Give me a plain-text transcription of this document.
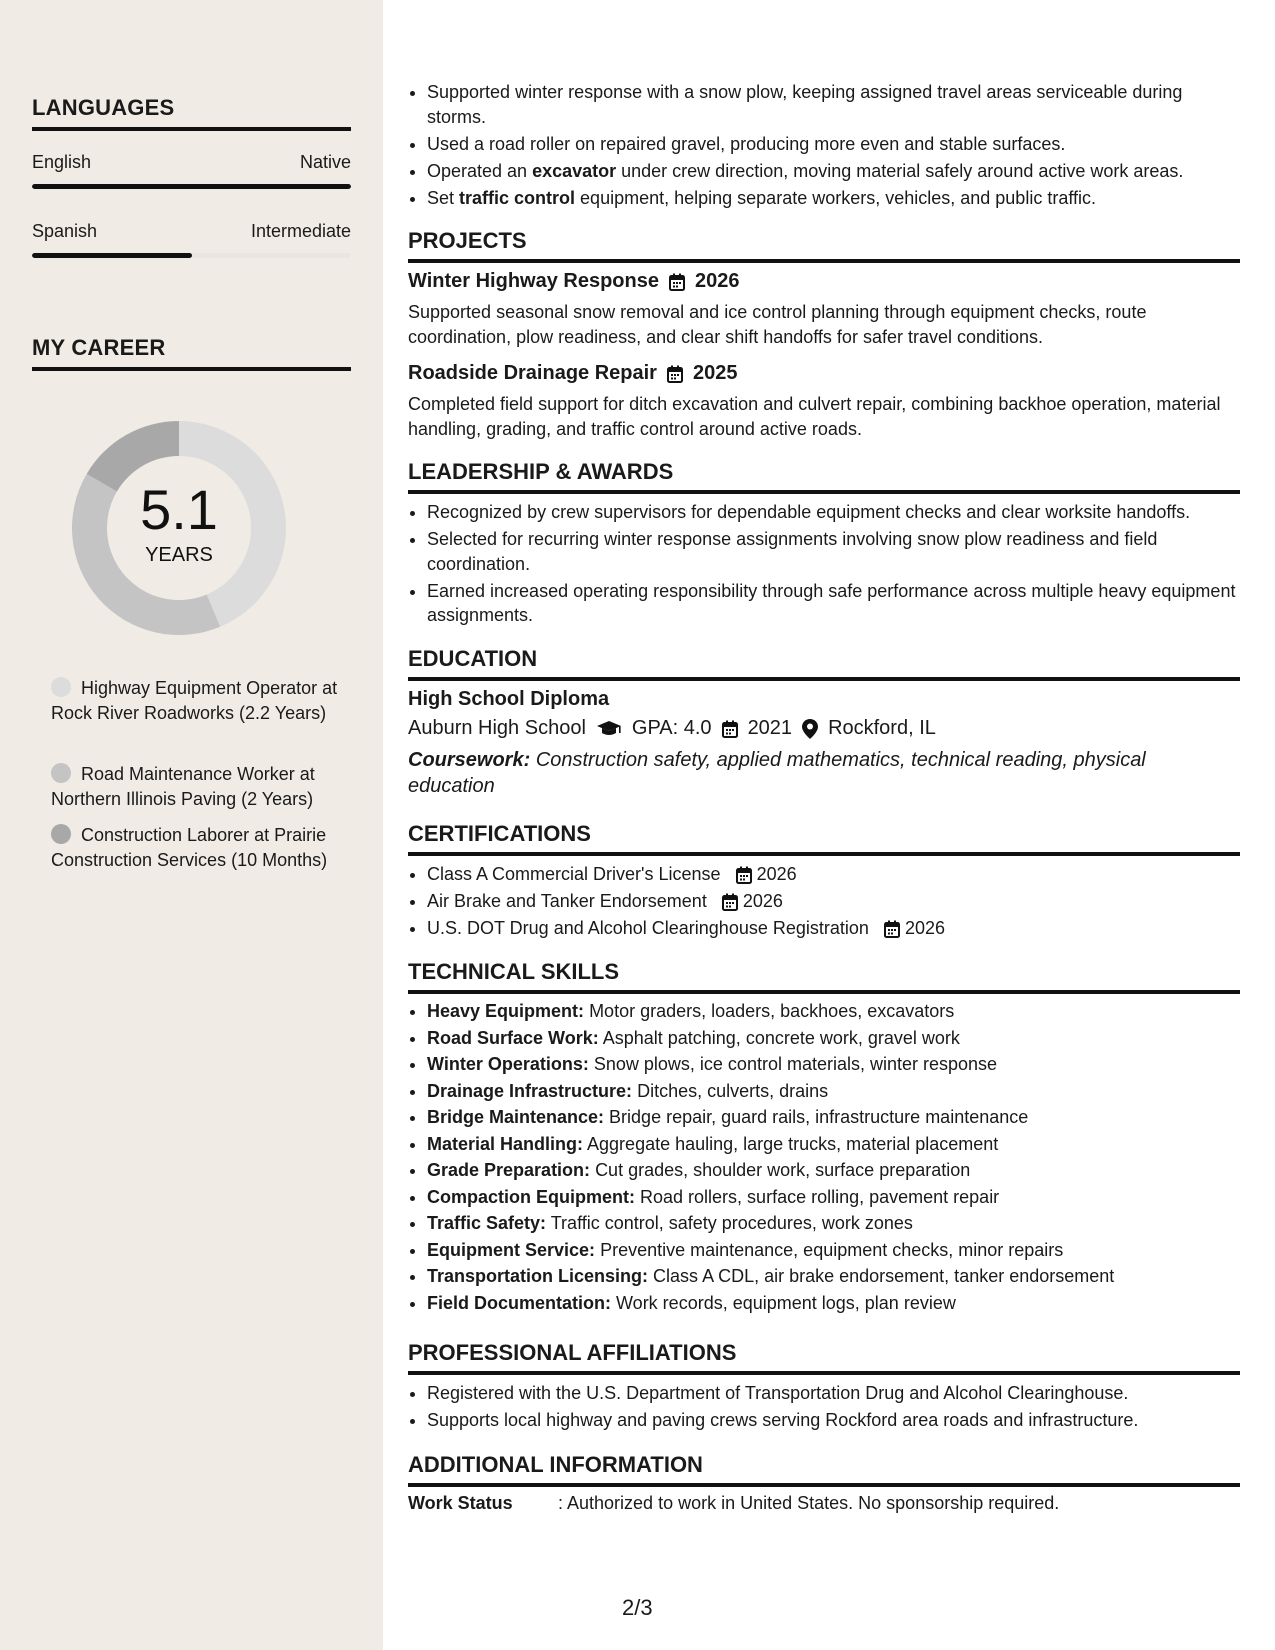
LANGUAGES
English	Native
Spanish	Intermediate
MY CAREER
5.1
YEARS
Highway Equipment Operator at Rock River Roadworks (2.2 Years)
Road Maintenance Worker at Northern Illinois Paving (2 Years)
Construction Laborer at Prairie Construction Services (10 Months)
• Supported winter response with a snow plow, keeping assigned travel areas serviceable during storms.
• Used a road roller on repaired gravel, producing more even and stable surfaces.
• Operated an excavator under crew direction, moving material safely around active work areas.
• Set traffic control equipment, helping separate workers, vehicles, and public traffic.
PROJECTS
Winter Highway Response 2026
Supported seasonal snow removal and ice control planning through equipment checks, route coordination, plow readiness, and clear shift handoffs for safer travel conditions.
Roadside Drainage Repair 2025
Completed field support for ditch excavation and culvert repair, combining backhoe operation, material handling, grading, and traffic control around active roads.
LEADERSHIP & AWARDS
• Recognized by crew supervisors for dependable equipment checks and clear worksite handoffs.
• Selected for recurring winter response assignments involving snow plow readiness and field coordination.
• Earned increased operating responsibility through safe performance across multiple heavy equipment assignments.
EDUCATION
High School Diploma
Auburn High School GPA: 4.0 2021 Rockford, IL
Coursework: Construction safety, applied mathematics, technical reading, physical education
CERTIFICATIONS
• Class A Commercial Driver's License 2026
• Air Brake and Tanker Endorsement 2026
• U.S. DOT Drug and Alcohol Clearinghouse Registration 2026
TECHNICAL SKILLS
• Heavy Equipment: Motor graders, loaders, backhoes, excavators
• Road Surface Work: Asphalt patching, concrete work, gravel work
• Winter Operations: Snow plows, ice control materials, winter response
• Drainage Infrastructure: Ditches, culverts, drains
• Bridge Maintenance: Bridge repair, guard rails, infrastructure maintenance
• Material Handling: Aggregate hauling, large trucks, material placement
• Grade Preparation: Cut grades, shoulder work, surface preparation
• Compaction Equipment: Road rollers, surface rolling, pavement repair
• Traffic Safety: Traffic control, safety procedures, work zones
• Equipment Service: Preventive maintenance, equipment checks, minor repairs
• Transportation Licensing: Class A CDL, air brake endorsement, tanker endorsement
• Field Documentation: Work records, equipment logs, plan review
PROFESSIONAL AFFILIATIONS
• Registered with the U.S. Department of Transportation Drug and Alcohol Clearinghouse.
• Supports local highway and paving crews serving Rockford area roads and infrastructure.
ADDITIONAL INFORMATION
Work Status	: Authorized to work in United States. No sponsorship required.
2/3
